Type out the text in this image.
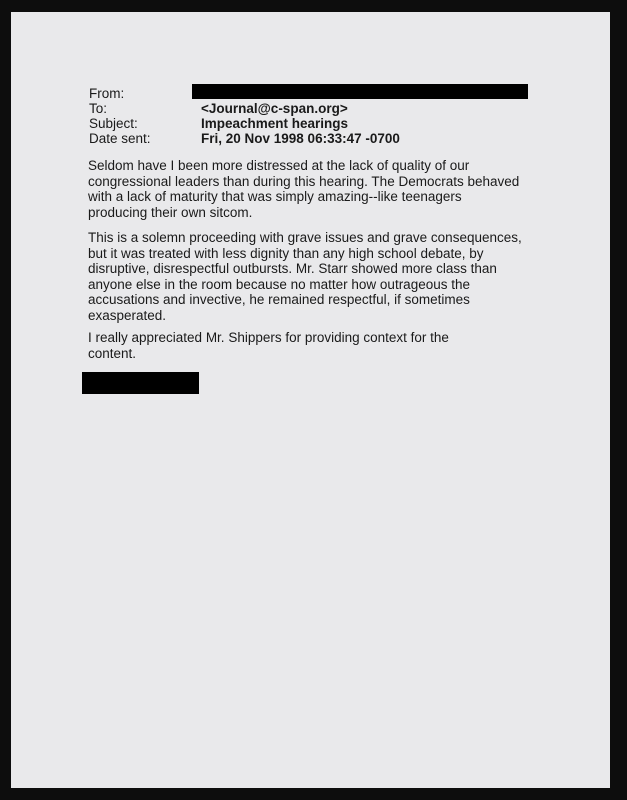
From:
To:
Subject:
Date sent:
<Journal@c-span.org>
Impeachment hearings
Fri, 20 Nov 1998 06:33:47 -0700

Seldom have I been more distressed at the lack of quality of our

congressional leaders than during this hearing. The Democrats behaved

with a lack of maturity that was simply amazing--like teenagers

producing their own sitcom.

This is a solemn proceeding with grave issues and grave consequences,

but it was treated with less dignity than any high school debate, by

disruptive, disrespectful outbursts. Mr. Starr showed more class than

anyone else in the room because no matter how outrageous the

accusations and invective, he remained respectful, if sometimes

exasperated.

I really appreciated Mr. Shippers for providing context for the

content.
